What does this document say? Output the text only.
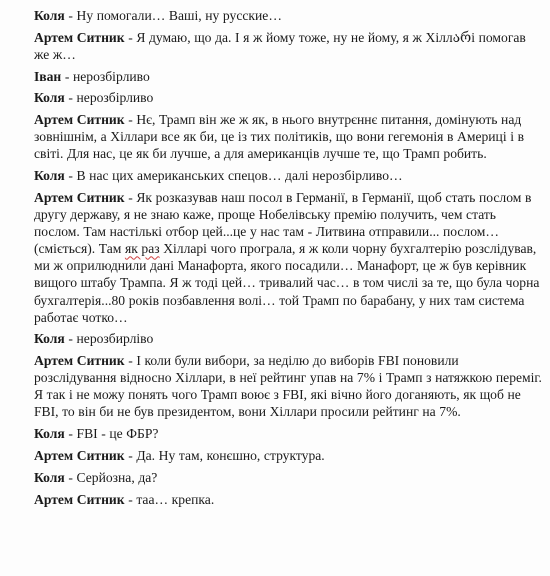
Коля - Ну помогали… Ваші, ну русские…

Артем Ситник - Я думаю, що да. І я ж йому тоже, ну не йому, я ж Хіллარі помогав же ж…

Іван - нерозбірливо

Коля - нерозбірливо

Артем Ситник - Нє, Трамп він же ж як, в нього внутрєннє питання, домінують над зовнішнім, а Хіллари все як би, це із тих політиків, що вони гегемонія в Америці і в світі. Для нас, це як би лучше, а для американців лучше те, що Трамп робить.

Коля - В нас цих американських спецов… далі нерозбірливо…

Артем Ситник - Як розказував наш посол в Германії, в Германії, щоб стать послом в другу державу, я не знаю каже, проще Нобелівську премію получить, чем стать послом. Там настількі отбор цей...це у нас там - Литвина отправили... послом… (сміється). Там як раз Хілларі чого програла, я ж коли чорну бухгалтерію розслідував, ми ж оприлюднили дані Манафорта, якого посадили… Манафорт, це ж був керівник вищого штабу Трампа. Я ж тоді цей… тривалий час… в том числі за те, що була чорна бухгалтерія...80 років позбавлення волі… той Трамп по барабану, у них там система работає чотко…

Коля - нерозбирліво

Артем Ситник - І коли були вибори, за неділю до виборів FBI поновили розслідування відносно Хіллари, в неї рейтинг упав на 7% і Трамп з натяжкою переміг. Я так і не можу понять чого Трамп воює з FBI, які вічно його доганяють, як щоб не FBI, то він би не був президентом, вони Хіллари просили рейтинг на 7%.

Коля - FBI - це ФБР?

Артем Ситник - Да. Ну там, конєшно, структура.

Коля - Серйозна, да?

Артем Ситник - таа… крепка.
